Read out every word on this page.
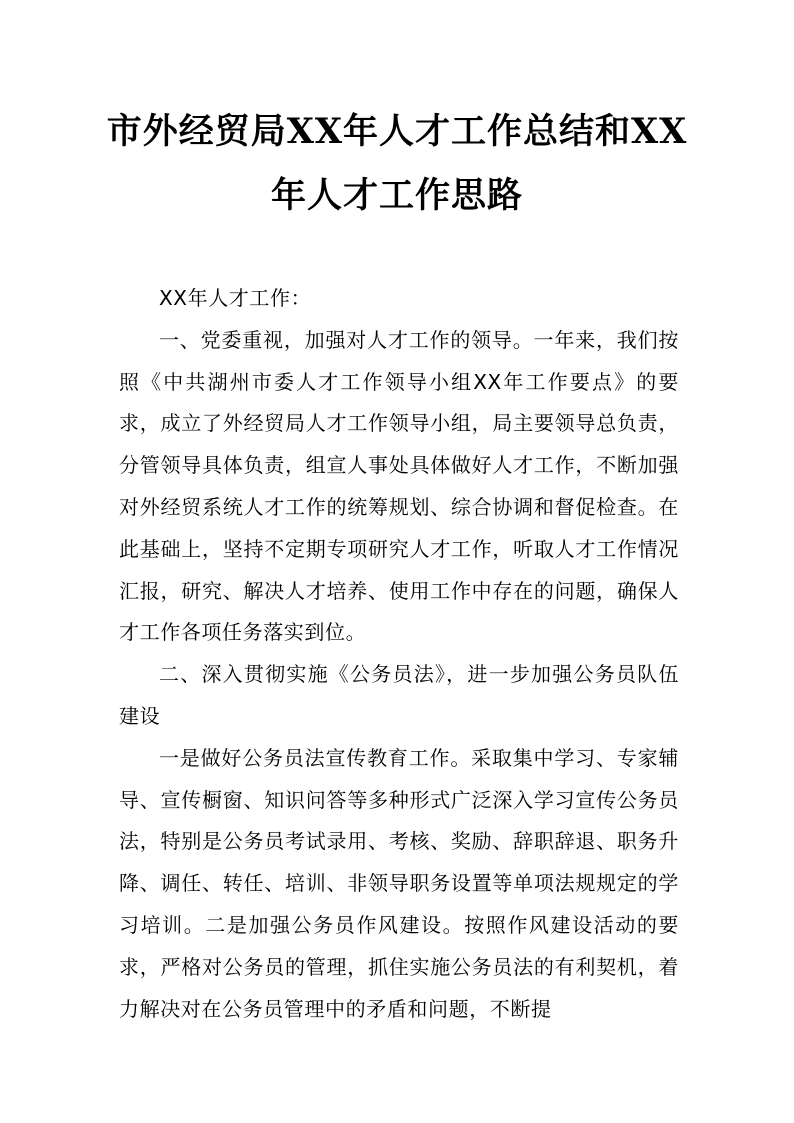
市外经贸局XX年人才工作总结和XX年人才工作思路

XX年人才工作：

一、党委重视，加强对人才工作的领导。一年来，我们按照《中共湖州市委人才工作领导小组XX年工作要点》的要求，成立了外经贸局人才工作领导小组，局主要领导总负责，分管领导具体负责，组宣人事处具体做好人才工作，不断加强对外经贸系统人才工作的统筹规划、综合协调和督促检查。在此基础上，坚持不定期专项研究人才工作，听取人才工作情况汇报，研究、解决人才培养、使用工作中存在的问题，确保人才工作各项任务落实到位。

二、深入贯彻实施《公务员法》，进一步加强公务员队伍建设

一是做好公务员法宣传教育工作。采取集中学习、专家辅导、宣传橱窗、知识问答等多种形式广泛深入学习宣传公务员法，特别是公务员考试录用、考核、奖励、辞职辞退、职务升降、调任、转任、培训、非领导职务设置等单项法规规定的学习培训。二是加强公务员作风建设。按照作风建设活动的要求，严格对公务员的管理，抓住实施公务员法的有利契机，着力解决对在公务员管理中的矛盾和问题，不断提
